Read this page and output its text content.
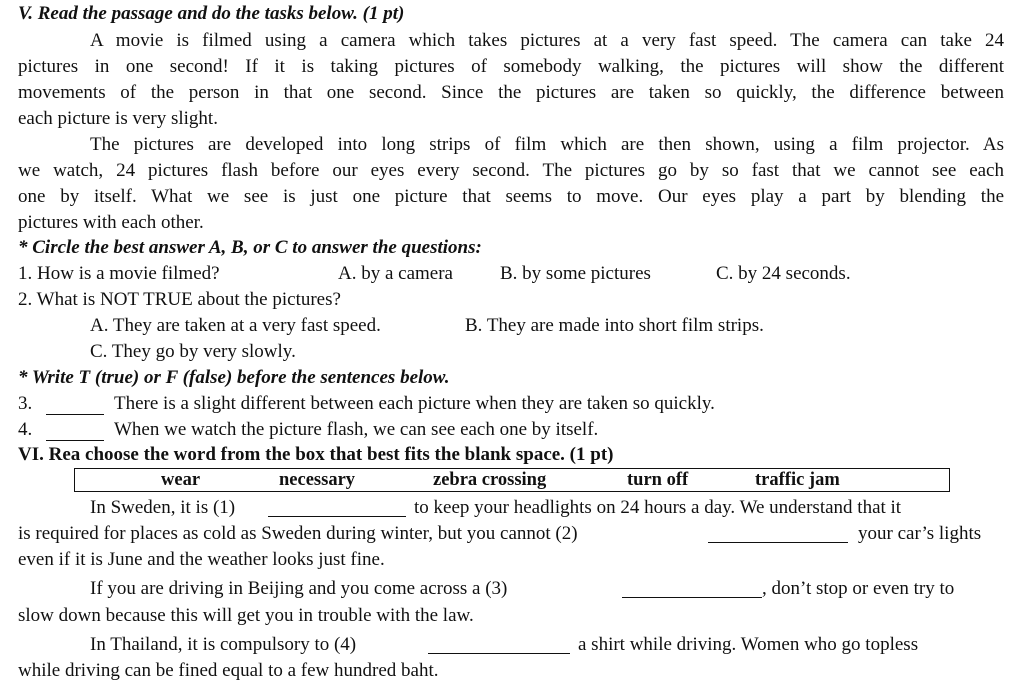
V. Read the passage and do the tasks below. (1 pt)
A movie is filmed using a camera which takes pictures at a very fast speed. The camera can take 24
pictures in one second! If it is taking pictures of somebody walking, the pictures will show the different
movements of the person in that one second. Since the pictures are taken so quickly, the difference between
each picture is very slight.
The pictures are developed into long strips of film which are then shown, using a film projector. As
we watch, 24 pictures flash before our eyes every second. The pictures go by so fast that we cannot see each
one by itself. What we see is just one picture that seems to move. Our eyes play a part by blending the
pictures with each other.
* Circle the best answer A, B, or C to answer the questions:
1. How is a movie filmed?	A. by a camera B. by some pictures	C. by 24 seconds.
2. What is NOT TRUE about the pictures?
A. They are taken at a very fast speed.	B. They are made into short film strips.
C. They go by very slowly.
* Write T (true) or F (false) before the sentences below.
3.	There is a slight different between each picture when they are taken so quickly.
4.	When we watch the picture flash, we can see each one by itself.
VI. Rea choose the word from the box that best fits the blank space. (1 pt)
wear	necessary	zebra crossing	turn off	traffic jam
In Sweden, it is (1)	to keep your headlights on 24 hours a day. We understand that it
is required for places as cold as Sweden during winter, but you cannot (2)	your car’s lights
even if it is June and the weather looks just fine.
If you are driving in Beijing and you come across a (3)	, don’t stop or even try to
slow down because this will get you in trouble with the law.
In Thailand, it is compulsory to (4)	a shirt while driving. Women who go topless
while driving can be fined equal to a few hundred baht.
